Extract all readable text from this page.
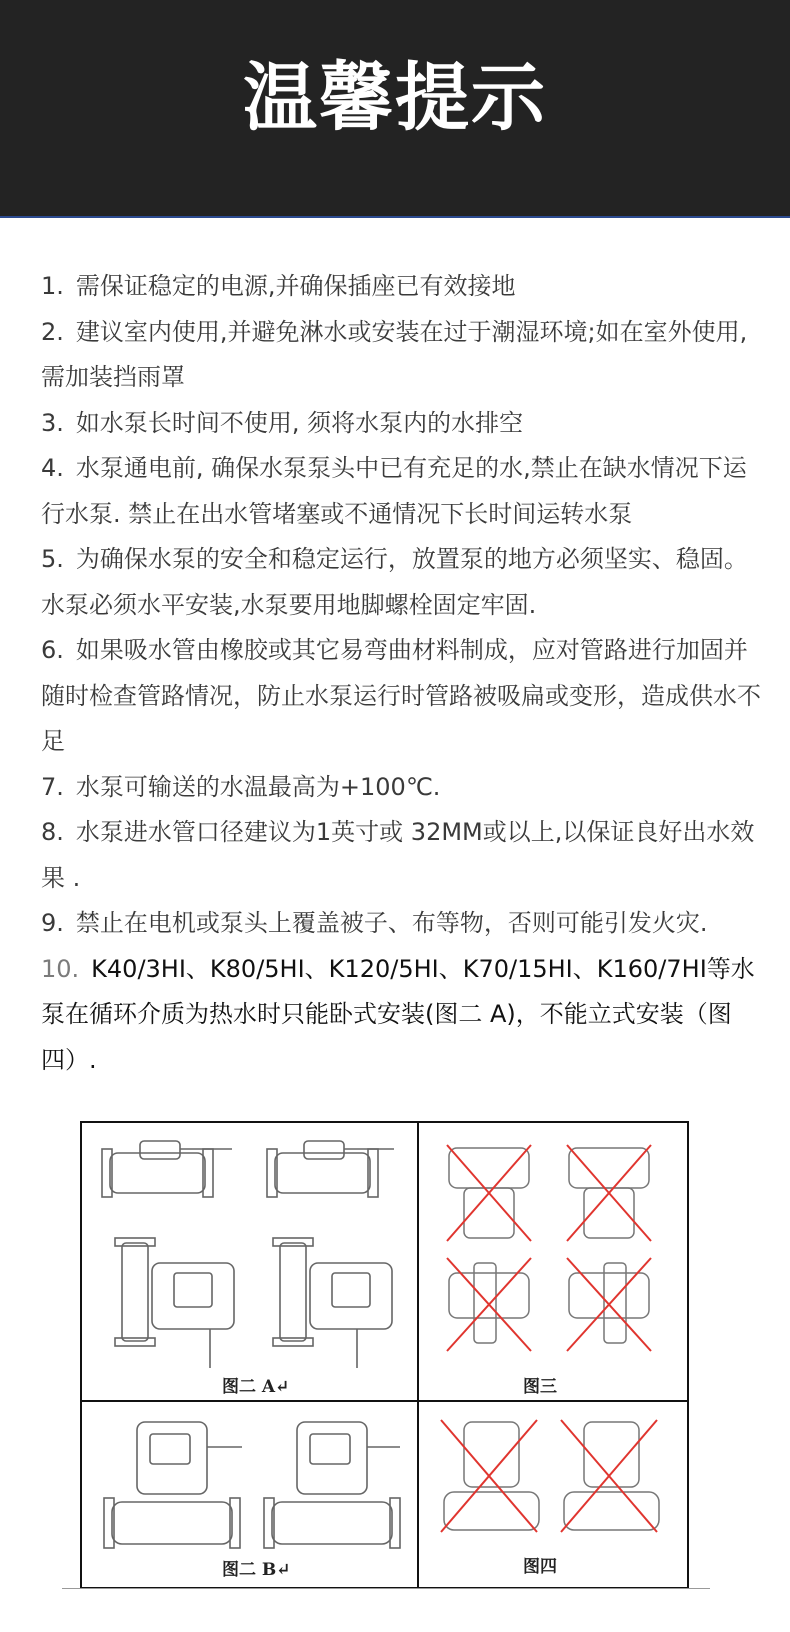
温馨提示

1. 需保证稳定的电源,并确保插座已有效接地

2. 建议室内使用,并避免淋水或安装在过于潮湿环境;如在室外使用,需加装挡雨罩

3. 如水泵长时间不使用, 须将水泵内的水排空

4. 水泵通电前, 确保水泵泵头中已有充足的水,禁止在缺水情况下运行水泵. 禁止在出水管堵塞或不通情况下长时间运转水泵

5. 为确保水泵的安全和稳定运行，放置泵的地方必须坚实、稳固。水泵必须水平安装,水泵要用地脚螺栓固定牢固.

6. 如果吸水管由橡胶或其它易弯曲材料制成，应对管路进行加固并随时检查管路情况，防止水泵运行时管路被吸扁或变形，造成供水不足

7. 水泵可输送的水温最高为+100℃.

8. 水泵进水管口径建议为1英寸或 32MM或以上,以保证良好出水效果 .

9. 禁止在电机或泵头上覆盖被子、布等物，否则可能引发火灾.

10. K40/3HI、K80/5HI、K120/5HI、K70/15HI、K160/7HI等水泵在循环介质为热水时只能卧式安装(图二 A)，不能立式安装（图四）.

图二 A↵	图三
图二 B↵	图四
